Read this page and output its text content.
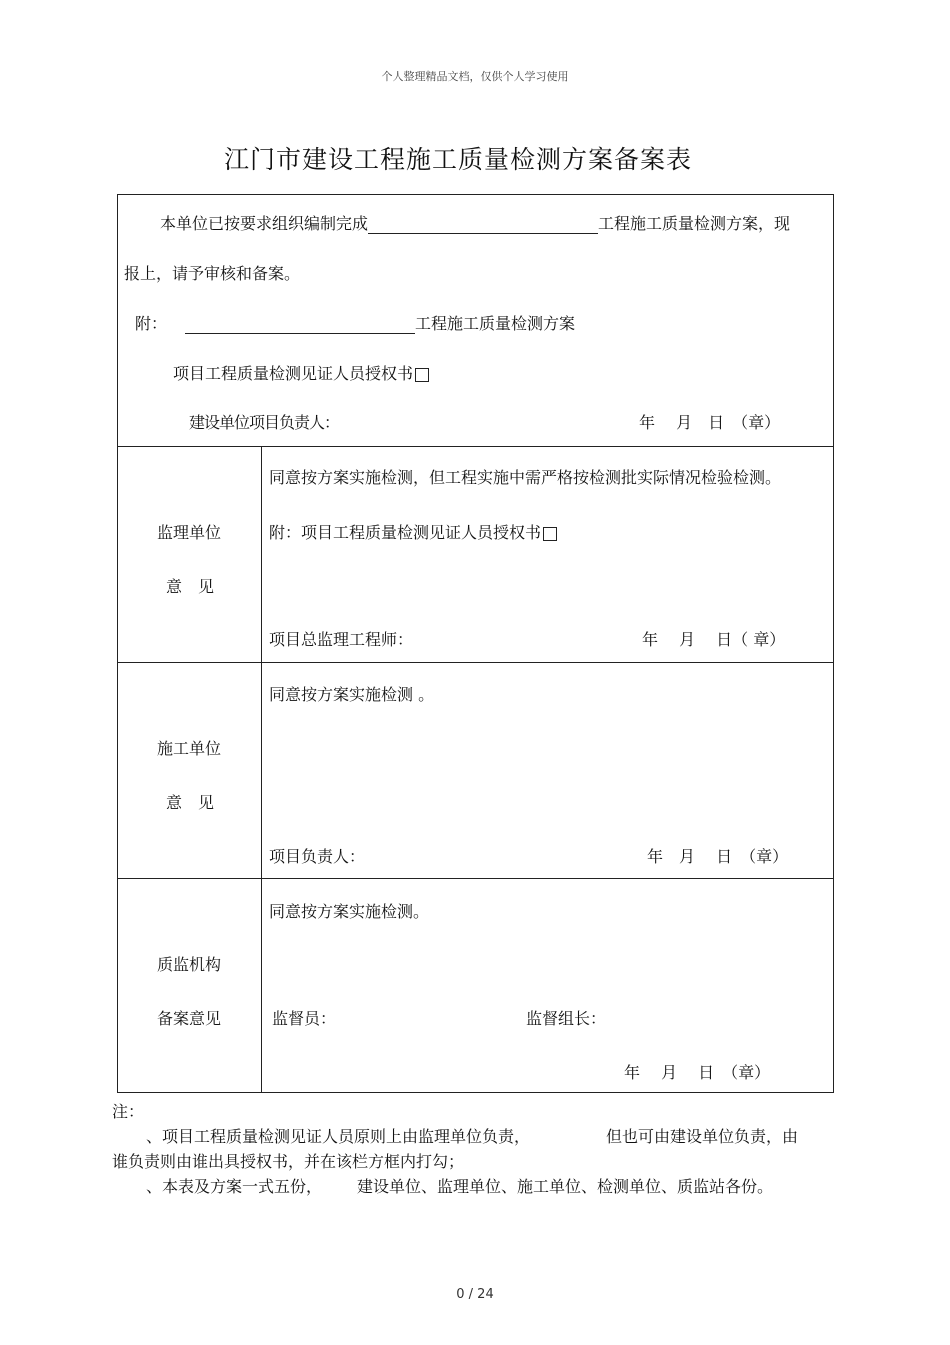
个人整理精品文档，仅供个人学习使用
江门市建设工程施工质量检测方案备案表
本单位已按要求组织编制完成	工程施工质量检测方案，现
报上，请予审核和备案。
附：	工程施工质量检测方案
项目工程质量检测见证人员授权书
建设单位项目负责人：	年　 月　日　（章）
监理单位
意　见
同意按方案实施检测，但工程实施中需严格按检测批实际情况检验检测。
附：项目工程质量检测见证人员授权书
项目总监理工程师：	年　 月　 日（ 章）
施工单位
意　见
同意按方案实施检测 。
项目负责人：	年　月　 日　（章）
质监机构
备案意见
同意按方案实施检测。
监督员：	监督组长：
年　 月　 日　（章）
注：
、项目工程质量检测见证人员原则上由监理单位负责，	但也可由建设单位负责，由
谁负责则由谁出具授权书，并在该栏方框内打勾；
、本表及方案一式五份， 建设单位、监理单位、施工单位、检测单位、质监站各份。
0 / 24
